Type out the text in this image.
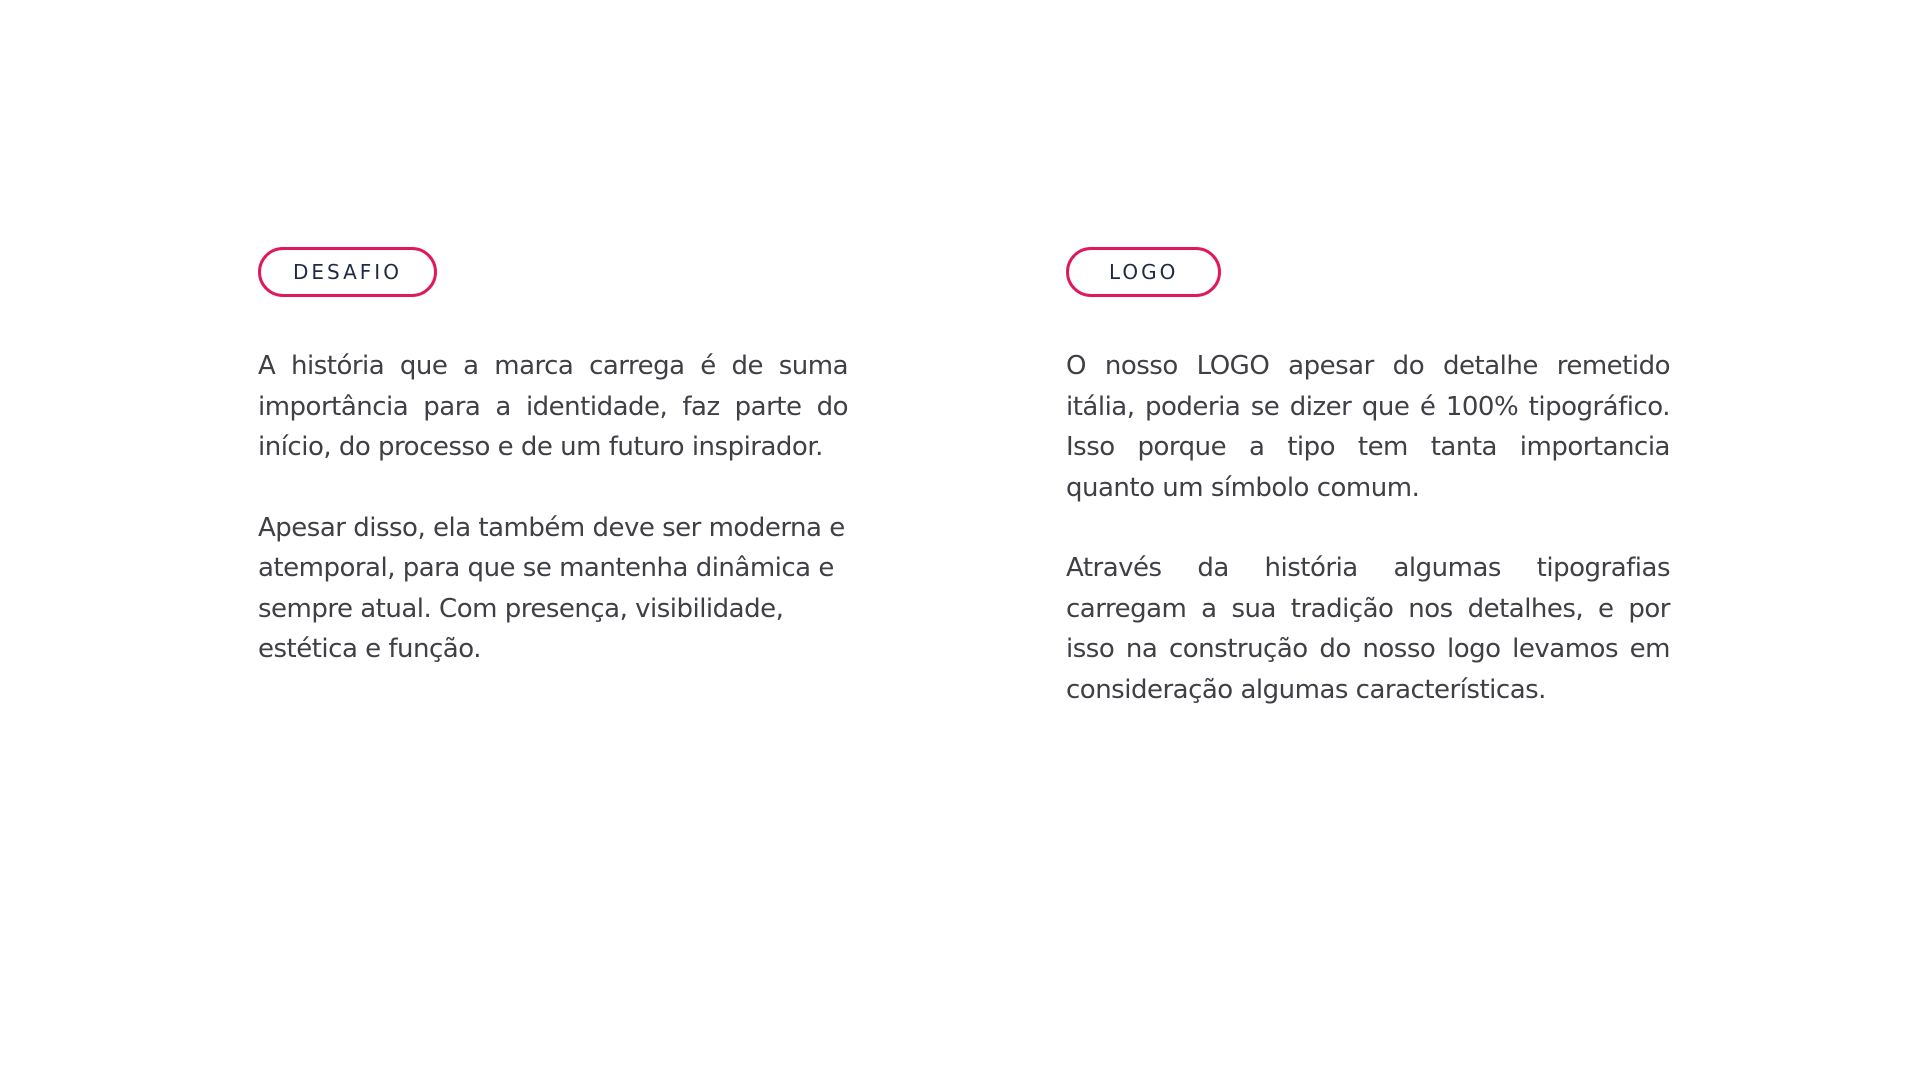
DESAFIO

A história que a marca carrega é de suma importância para a identidade, faz parte do início, do processo e de um futuro inspirador.

Apesar disso, ela também deve ser moderna e atemporal, para que se mantenha dinâmica e sempre atual. Com presença, visibilidade, estética e função.

LOGO

O nosso LOGO apesar do detalhe remetido itália, poderia se dizer que é 100% tipográfico. Isso porque a tipo tem tanta importancia quanto um símbolo comum.

Através da história algumas tipografias carregam a sua tradição nos detalhes, e por isso na construção do nosso logo levamos em consideração algumas características.
